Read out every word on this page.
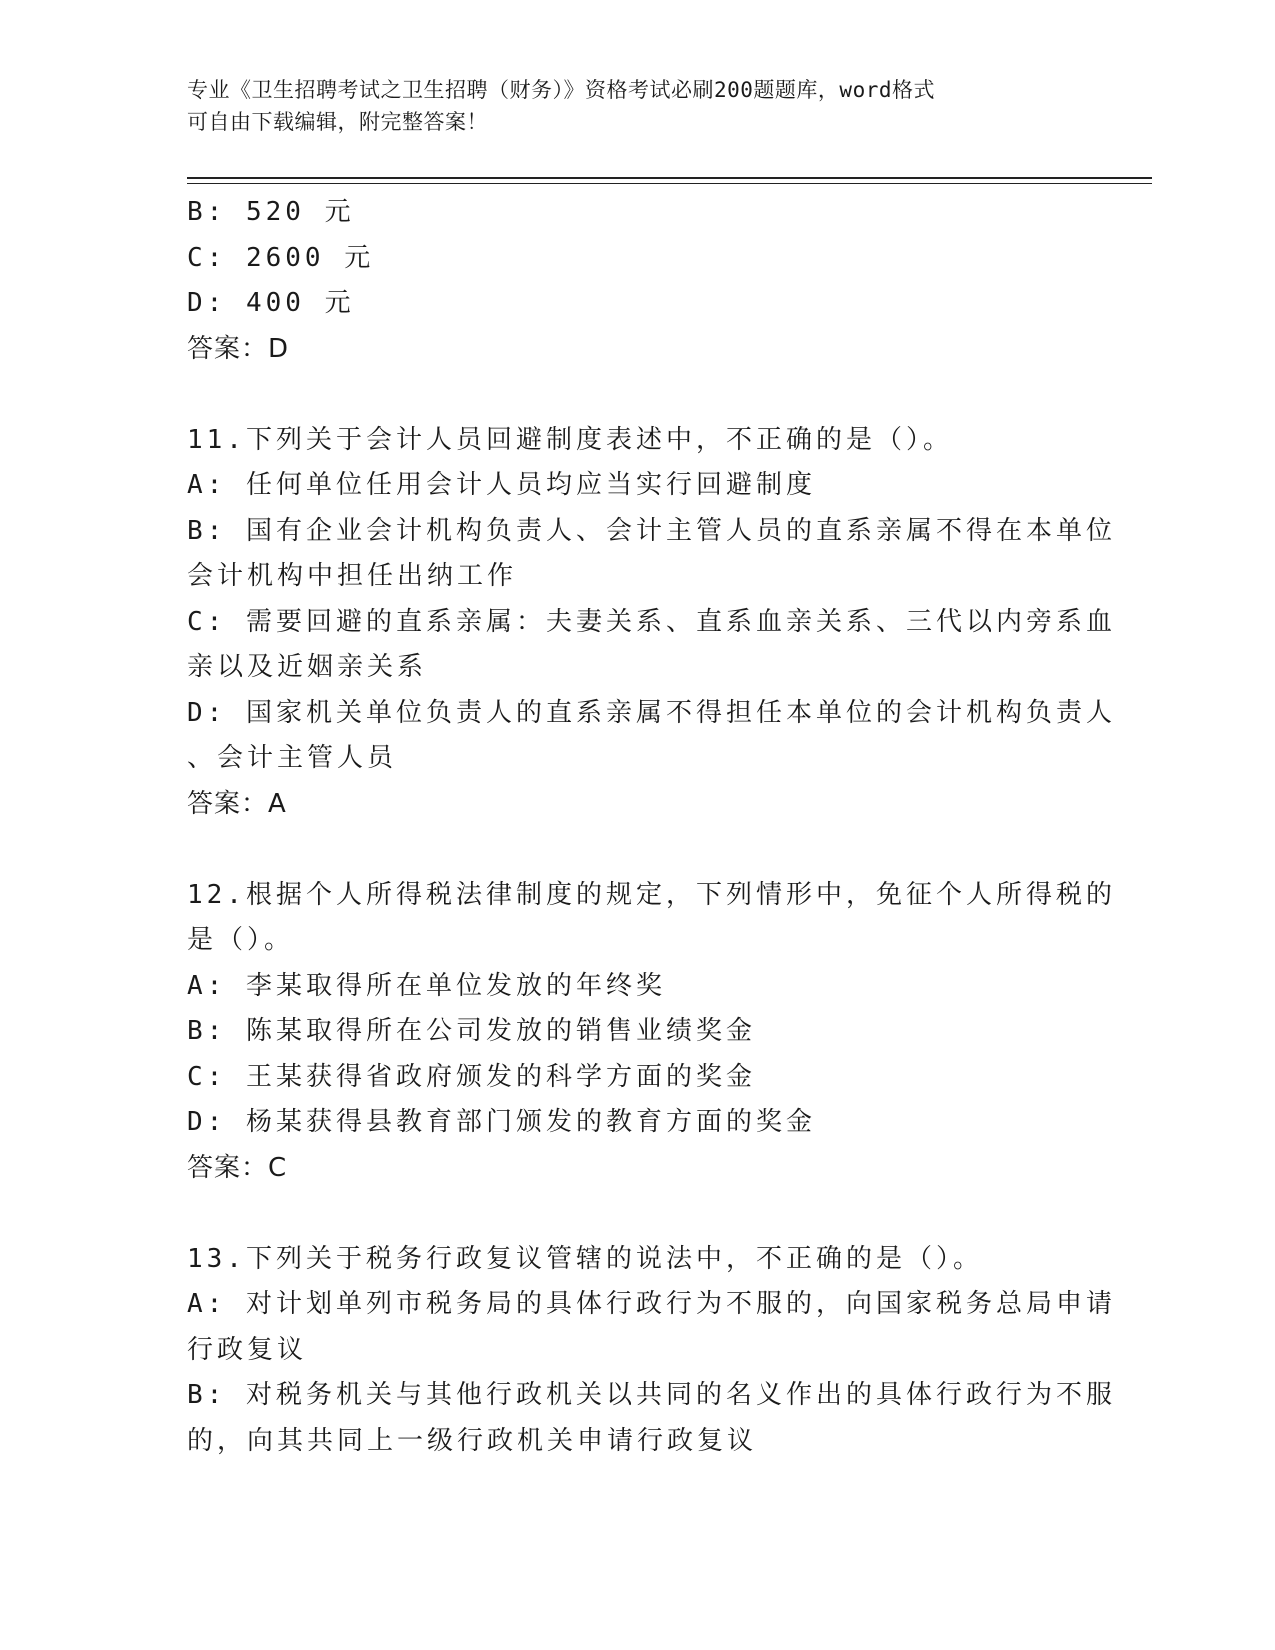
专业《卫生招聘考试之卫生招聘（财务）》资格考试必刷200题题库，word格式
可自由下载编辑，附完整答案！
B: 520 元
C: 2600 元
D: 400 元
答案：D
11.下列关于会计人员回避制度表述中，不正确的是（）。
A: 任何单位任用会计人员均应当实行回避制度
B: 国有企业会计机构负责人、会计主管人员的直系亲属不得在本单位
会计机构中担任出纳工作
C: 需要回避的直系亲属：夫妻关系、直系血亲关系、三代以内旁系血
亲以及近姻亲关系
D: 国家机关单位负责人的直系亲属不得担任本单位的会计机构负责人
、会计主管人员
答案：A
12.根据个人所得税法律制度的规定，下列情形中，免征个人所得税的
是（）。
A: 李某取得所在单位发放的年终奖
B: 陈某取得所在公司发放的销售业绩奖金
C: 王某获得省政府颁发的科学方面的奖金
D: 杨某获得县教育部门颁发的教育方面的奖金
答案：C
13.下列关于税务行政复议管辖的说法中，不正确的是（）。
A: 对计划单列市税务局的具体行政行为不服的，向国家税务总局申请
行政复议
B: 对税务机关与其他行政机关以共同的名义作出的具体行政行为不服
的，向其共同上一级行政机关申请行政复议
